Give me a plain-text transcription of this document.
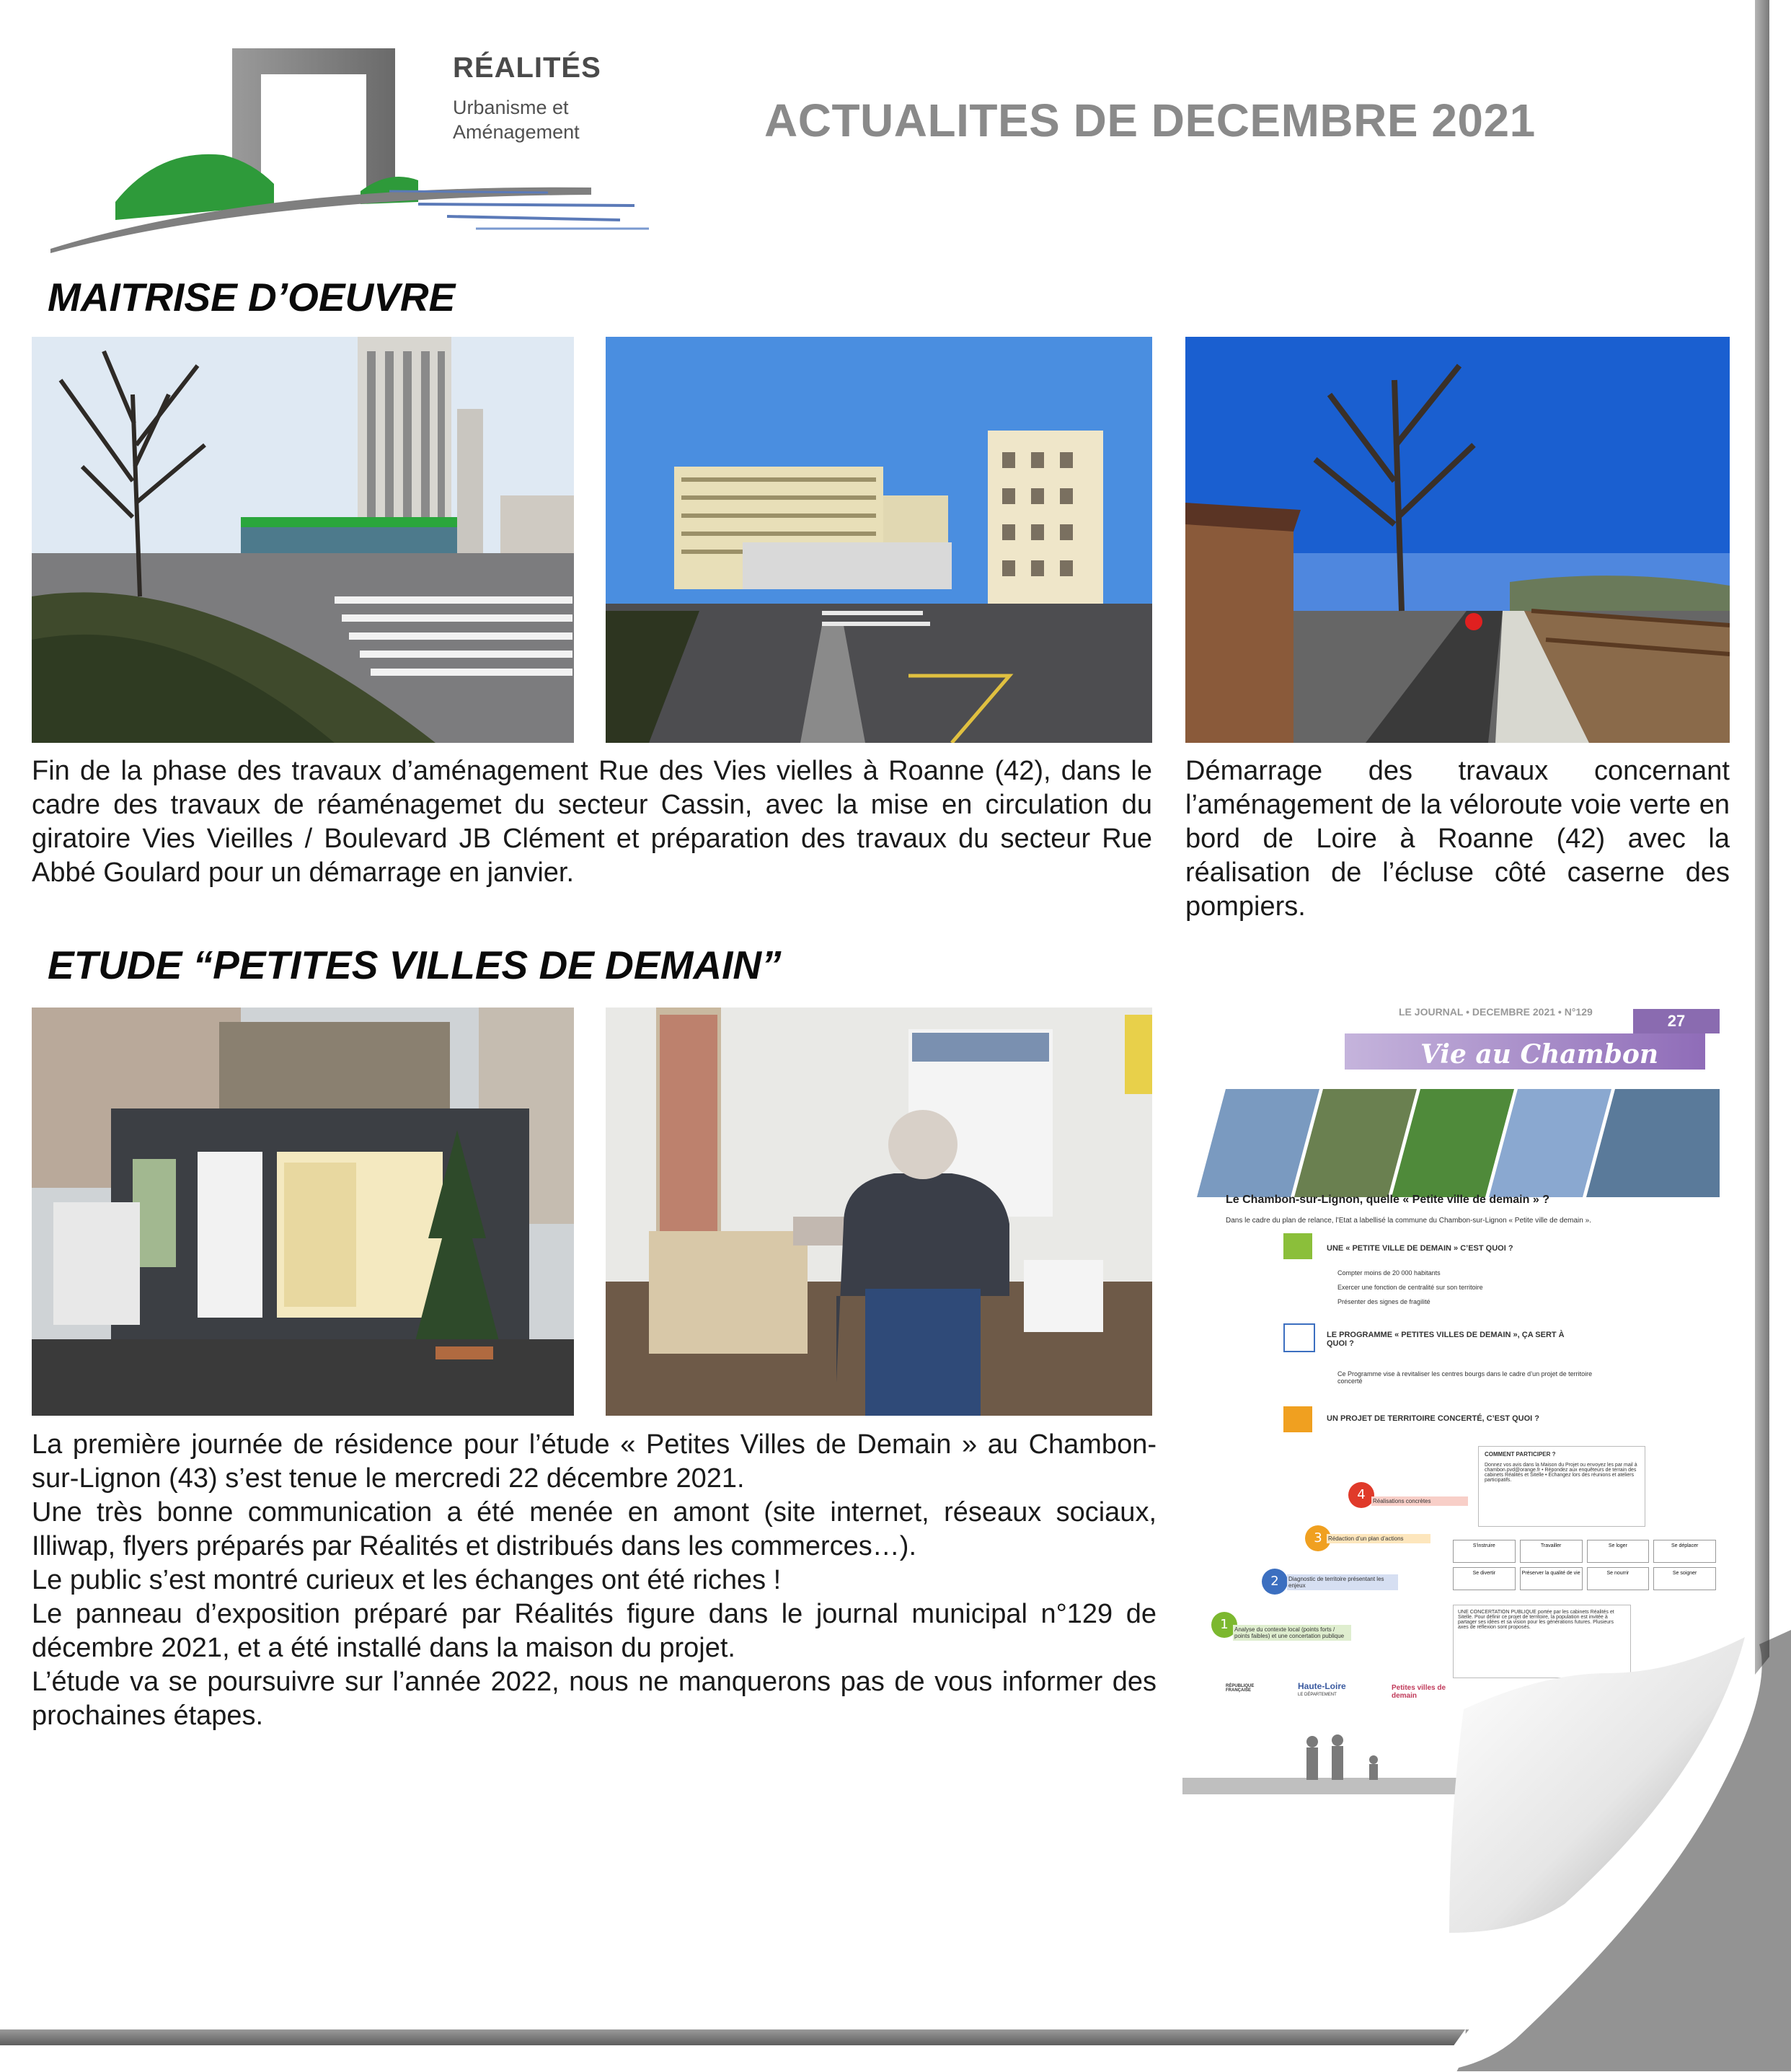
RÉALITÉS
Urbanisme et
Aménagement	ACTUALITES DE DECEMBRE 2021
MAITRISE D’OEUVRE

Fin de la phase des travaux d’aménagement Rue des Vies vielles à Roanne (42), dans le cadre des travaux de réaménagemet du secteur Cassin, avec la mise en circulation du giratoire Vies Vieilles / Boulevard JB Clément et préparation des travaux du secteur Rue Abbé Goulard pour un démarrage en janvier.

Démarrage des travaux concernant l’aménagement de la véloroute voie verte en bord de Loire à Roanne (42) avec la réalisation de l’écluse côté caserne des pompiers.

ETUDE “PETITES VILLES DE DEMAIN”

La première journée de résidence pour l’étude « Petites Villes de Demain » au Chambon-sur-Lignon (43) s’est tenue le mercredi 22 décembre 2021.

Une très bonne communication a été menée en amont (site internet, réseaux sociaux, Illiwap, flyers préparés par Réalités et distribués dans les commerces…).

Le public s’est montré curieux et les échanges ont été riches !

Le panneau d’exposition préparé par Réalités figure dans le journal municipal n°129 de décembre 2021, et a été installé dans la maison du projet.

L’étude va se poursuivre sur l’année 2022, nous ne manquerons pas de vous informer des prochaines étapes.

LE JOURNAL • DECEMBRE 2021 • N°129	27
Vie au Chambon
Le Chambon-sur-Lignon, quelle « Petite ville de demain » ?
Dans le cadre du plan de relance, l’Etat a labellisé la commune du Chambon-sur-Lignon « Petite ville de demain ».
UNE « PETITE VILLE DE DEMAIN » C’EST QUOI ?
Compter moins de 20 000 habitants
Exercer une fonction de centralité sur son territoire
Présenter des signes de fragilité
LE PROGRAMME « PETITES VILLES DE DEMAIN », ÇA SERT À QUOI ?
Ce Programme vise à revitaliser les centres bourgs dans le cadre d’un projet de territoire concerté
UN PROJET DE TERRITOIRE CONCERTÉ, C’EST QUOI ?
1	Analyse du contexte local (points forts / points faibles) et une concertation publique
2	Diagnostic de territoire présentant les enjeux
3	Rédaction d’un plan d’actions
4	Réalisations concrètes
COMMENT PARTICIPER ?
Donnez vos avis dans la Maison du Projet ou envoyez les par mail à chambon.pvd@orange.fr • Répondez aux enquêteurs de terrain des cabinets Réalités et Sitelle • Échangez lors des réunions et ateliers participatifs.
S'instruire	Travailler	Se loger	Se déplacer
Se divertir	Préserver la qualité de vie	Se nourrir	Se soigner
UNE CONCERTATION PUBLIQUE portée par les cabinets Réalités et Sitelle. Pour définir ce projet de territoire, la population est invitée à partager ses idées et sa vision pour les générations futures. Plusieurs axes de réflexion sont proposés.
RÉPUBLIQUE FRANÇAISE	Haute-Loire
LE DÉPARTEMENT
Petites villes de demain
